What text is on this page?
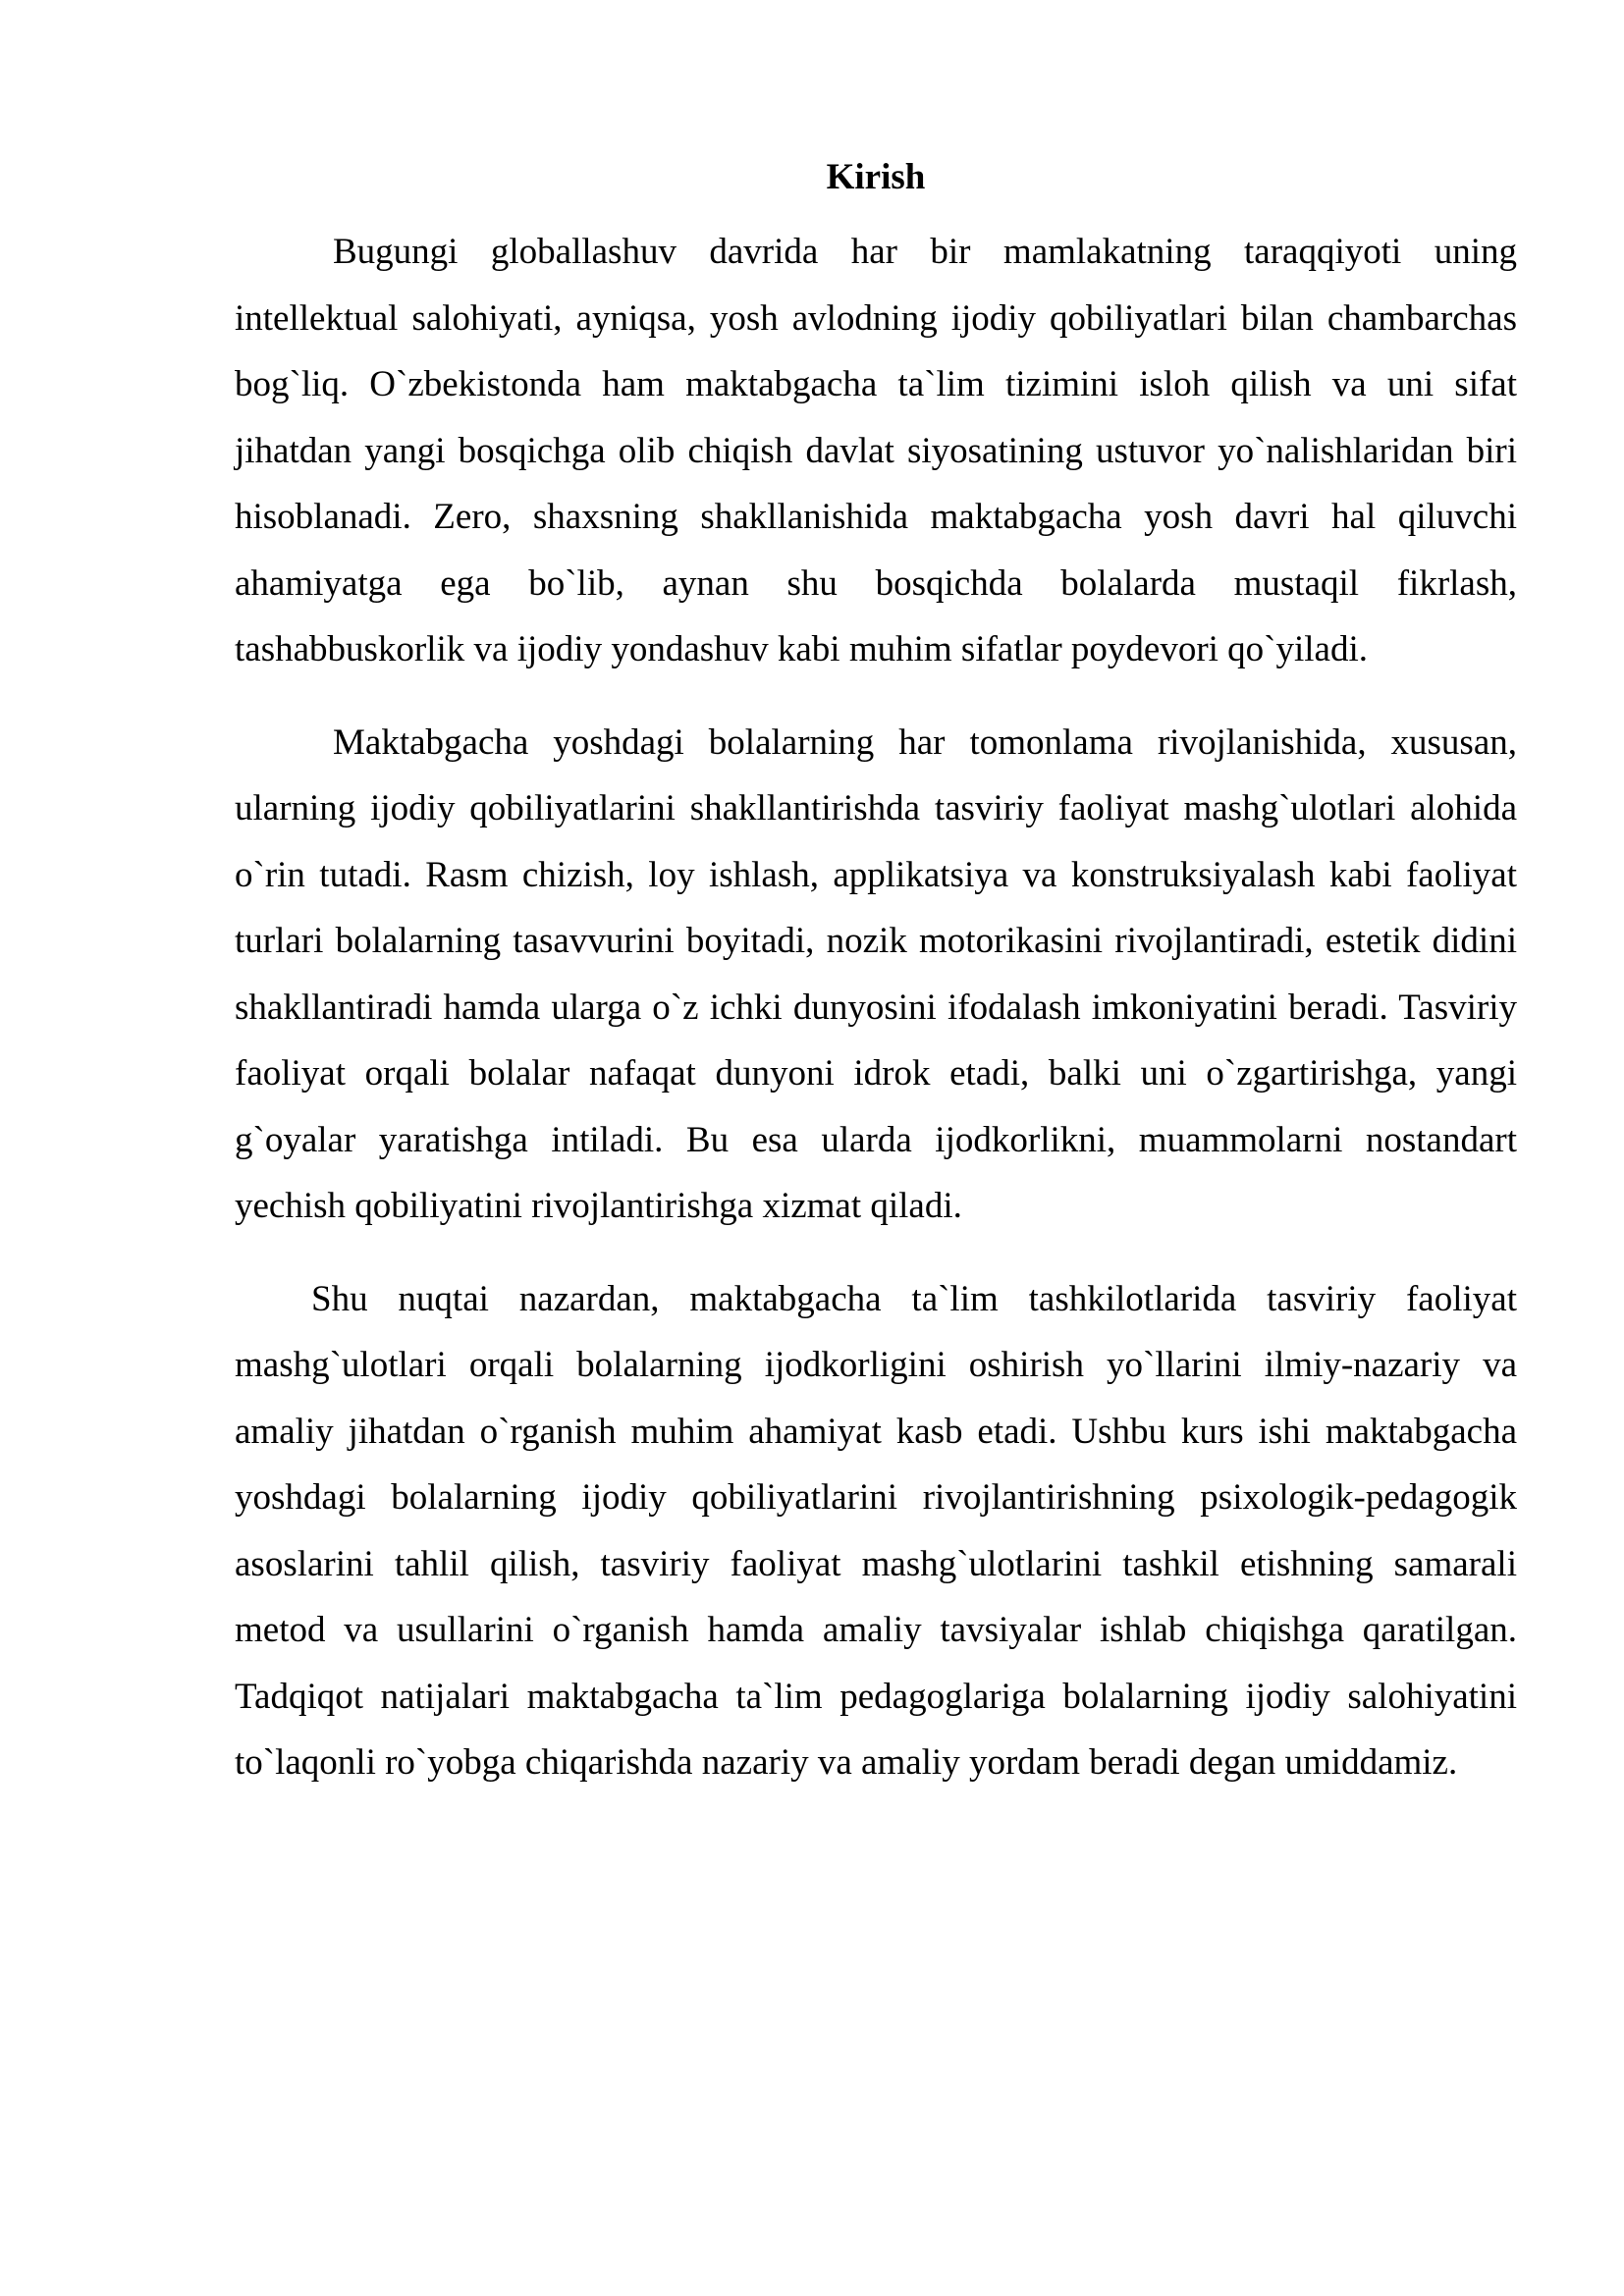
Kirish

Bugungi globallashuv davrida har bir mamlakatning taraqqiyoti uning intellektual salohiyati, ayniqsa, yosh avlodning ijodiy qobiliyatlari bilan chambarchas bog`liq. O`zbekistonda ham maktabgacha ta`lim tizimini isloh qilish va uni sifat jihatdan yangi bosqichga olib chiqish davlat siyosatining ustuvor yo`nalishlaridan biri hisoblanadi. Zero, shaxsning shakllanishida maktabgacha yosh davri hal qiluvchi ahamiyatga ega bo`lib, aynan shu bosqichda bolalarda mustaqil fikrlash, tashabbuskorlik va ijodiy yondashuv kabi muhim sifatlar poydevori qo`yiladi.

Maktabgacha yoshdagi bolalarning har tomonlama rivojlanishida, xususan, ularning ijodiy qobiliyatlarini shakllantirishda tasviriy faoliyat mashg`ulotlari alohida o`rin tutadi. Rasm chizish, loy ishlash, applikatsiya va konstruksiyalash kabi faoliyat turlari bolalarning tasavvurini boyitadi, nozik motorikasini rivojlantiradi, estetik didini shakllantiradi hamda ularga o`z ichki dunyosini ifodalash imkoniyatini beradi. Tasviriy faoliyat orqali bolalar nafaqat dunyoni idrok etadi, balki uni o`zgartirishga, yangi g`oyalar yaratishga intiladi. Bu esa ularda ijodkorlikni, muammolarni nostandart yechish qobiliyatini rivojlantirishga xizmat qiladi.

Shu nuqtai nazardan, maktabgacha ta`lim tashkilotlarida tasviriy faoliyat mashg`ulotlari orqali bolalarning ijodkorligini oshirish yo`llarini ilmiy-nazariy va amaliy jihatdan o`rganish muhim ahamiyat kasb etadi. Ushbu kurs ishi maktabgacha yoshdagi bolalarning ijodiy qobiliyatlarini rivojlantirishning psixologik-pedagogik asoslarini tahlil qilish, tasviriy faoliyat mashg`ulotlarini tashkil etishning samarali metod va usullarini o`rganish hamda amaliy tavsiyalar ishlab chiqishga qaratilgan. Tadqiqot natijalari maktabgacha ta`lim pedagoglariga bolalarning ijodiy salohiyatini to`laqonli ro`yobga chiqarishda nazariy va amaliy yordam beradi degan umiddamiz.
